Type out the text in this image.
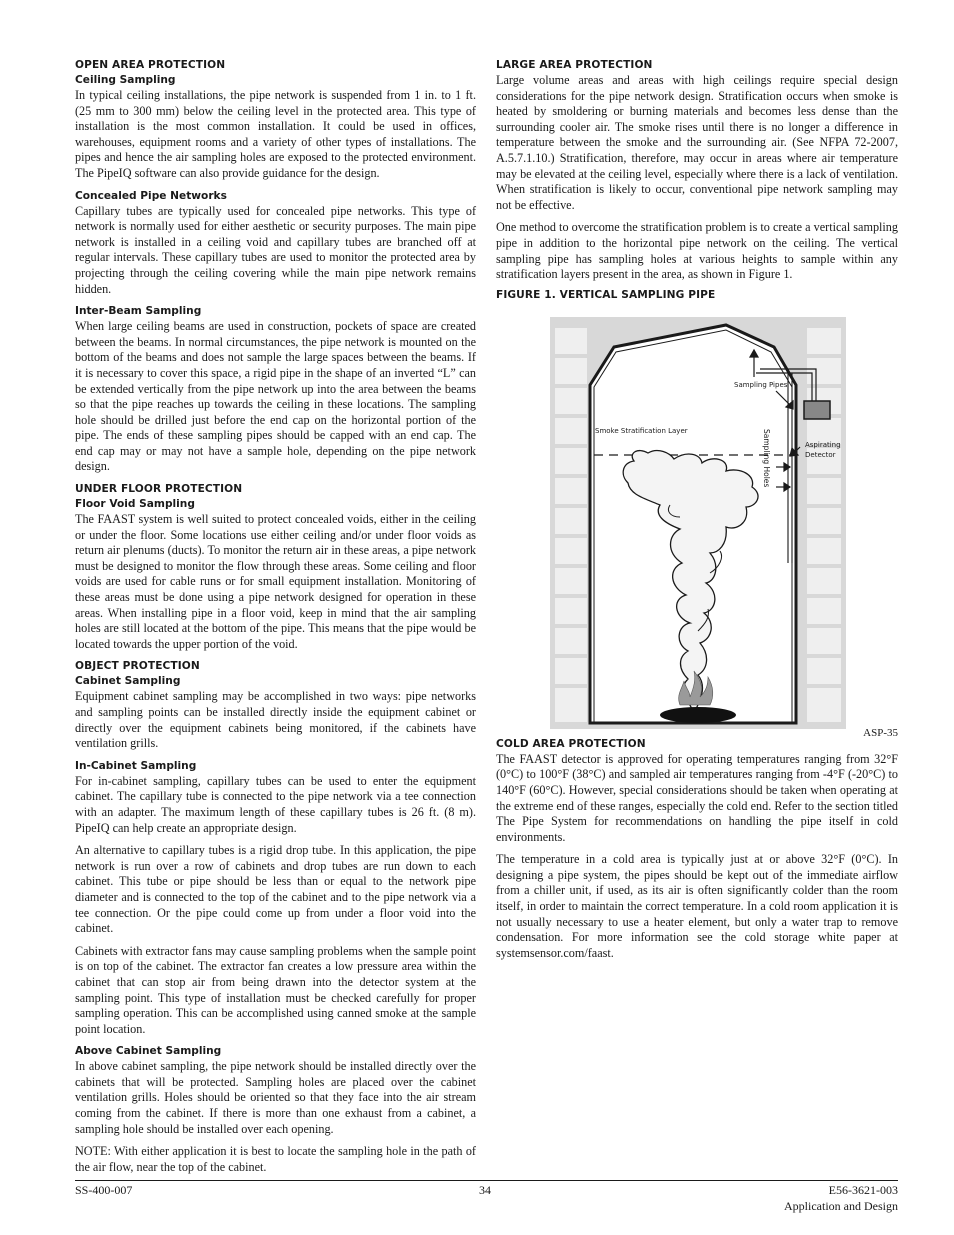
OPEN AREA PROTECTION
Ceiling Sampling

In typical ceiling installations, the pipe network is suspended from 1 in. to 1 ft. (25 mm to 300 mm) below the ceiling level in the protected area. This type of installation is the most common installation. It could be used in offices, warehouses, equipment rooms and a variety of other types of installations. The pipes and hence the air sampling holes are exposed to the protected environment. The PipeIQ software can also provide guidance for the design.

Concealed Pipe Networks

Capillary tubes are typically used for concealed pipe networks. This type of network is normally used for either aesthetic or security purposes. The main pipe network is installed in a ceiling void and capillary tubes are branched off at regular intervals. These capillary tubes are used to monitor the protected area by projecting through the ceiling covering while the main pipe network remains hidden.

Inter-Beam Sampling

When large ceiling beams are used in construction, pockets of space are created between the beams. In normal circumstances, the pipe network is mounted on the bottom of the beams and does not sample the large spaces between the beams. If it is necessary to cover this space, a rigid pipe in the shape of an inverted “L” can be extended vertically from the pipe network up into the area between the beams so that the pipe reaches up towards the ceiling in these locations. The sampling hole should be drilled just before the end cap on the horizontal portion of the pipe. The ends of these sampling pipes should be capped with an end cap. The end cap may or may not have a sample hole, depending on the pipe network design.

UNDER FLOOR PROTECTION
Floor Void Sampling

The FAAST system is well suited to protect concealed voids, either in the ceiling or under the floor. Some locations use either ceiling and/or under floor voids as return air plenums (ducts). To monitor the return air in these areas, a pipe network must be designed to monitor the flow through these areas. Some ceiling and floor voids are used for cable runs or for small equipment installation. Monitoring of these areas must be done using a pipe network designed for operation in these areas. When installing pipe in a floor void, keep in mind that the air sampling holes are still located at the bottom of the pipe. This means that the pipe would be located towards the upper portion of the void.

OBJECT PROTECTION
Cabinet Sampling

Equipment cabinet sampling may be accomplished in two ways: pipe networks and sampling points can be installed directly inside the equipment cabinet or directly over the equipment cabinets being monitored, if the cabinets have ventilation grills.

In-Cabinet Sampling

For in-cabinet sampling, capillary tubes can be used to enter the equipment cabinet. The capillary tube is connected to the pipe network via a tee connection with an adapter. The maximum length of these capillary tubes is 26 ft. (8 m). PipeIQ can help create an appropriate design.

An alternative to capillary tubes is a rigid drop tube. In this application, the pipe network is run over a row of cabinets and drop tubes are run down to each cabinet. This tube or pipe should be less than or equal to the network pipe diameter and is connected to the top of the cabinet and to the pipe network via a tee connection. Or the pipe could come up from under a floor void into the cabinet.

Cabinets with extractor fans may cause sampling problems when the sample point is on top of the cabinet. The extractor fan creates a low pressure area within the cabinet that can stop air from being drawn into the detector system at the sampling point. This type of installation must be checked carefully for proper sampling operation. This can be accomplished using canned smoke at the sample point location.

Above Cabinet Sampling

In above cabinet sampling, the pipe network should be installed directly over the cabinets that will be protected. Sampling holes are placed over the cabinet ventilation grills. Holes should be oriented so that they face into the air stream coming from the cabinet. If there is more than one exhaust from a cabinet, a sampling hole should be installed over each opening.

NOTE: With either application it is best to locate the sampling hole in the path of the air flow, near the top of the cabinet.

LARGE AREA PROTECTION

Large volume areas and areas with high ceilings require special design considerations for the pipe network design. Stratification occurs when smoke is heated by smoldering or burning materials and becomes less dense than the surrounding cooler air. The smoke rises until there is no longer a difference in temperature between the smoke and the surrounding air. (See NFPA 72-2007, A.5.7.1.10.) Stratification, therefore, may occur in areas where air temperature may be elevated at the ceiling level, especially where there is a lack of ventilation. When stratification is likely to occur, conventional pipe network sampling may not be effective.

One method to overcome the stratification problem is to create a vertical sampling pipe in addition to the horizontal pipe network on the ceiling. The vertical sampling pipe has sampling holes at various heights to sample within any stratification layers present in the area, as shown in Figure 1.

FIGURE 1. VERTICAL SAMPLING PIPE
Sampling Pipes
Smoke Stratification Layer
Aspirating
Detector
Sampling Holes
ASP-35
COLD AREA PROTECTION

The FAAST detector is approved for operating temperatures ranging from 32°F (0°C) to 100°F (38°C) and sampled air temperatures ranging from -4°F (-20°C) to 140°F (60°C). However, special considerations should be taken when operating at the extreme end of these ranges, especially the cold end. Refer to the section titled The Pipe System for recommendations on handling the pipe itself in cold environments.

The temperature in a cold area is typically just at or above 32°F (0°C). In designing a pipe system, the pipes should be kept out of the immediate airflow from a chiller unit, if used, as its air is often significantly colder than the room itself, in order to maintain the correct temperature. In a cold room application it is not usually necessary to use a heater element, but only a water trap to remove condensation. For more information see the cold storage white paper at systemsensor.com/faast.

SS-400-007	34	E56-3621-003
Application and Design
